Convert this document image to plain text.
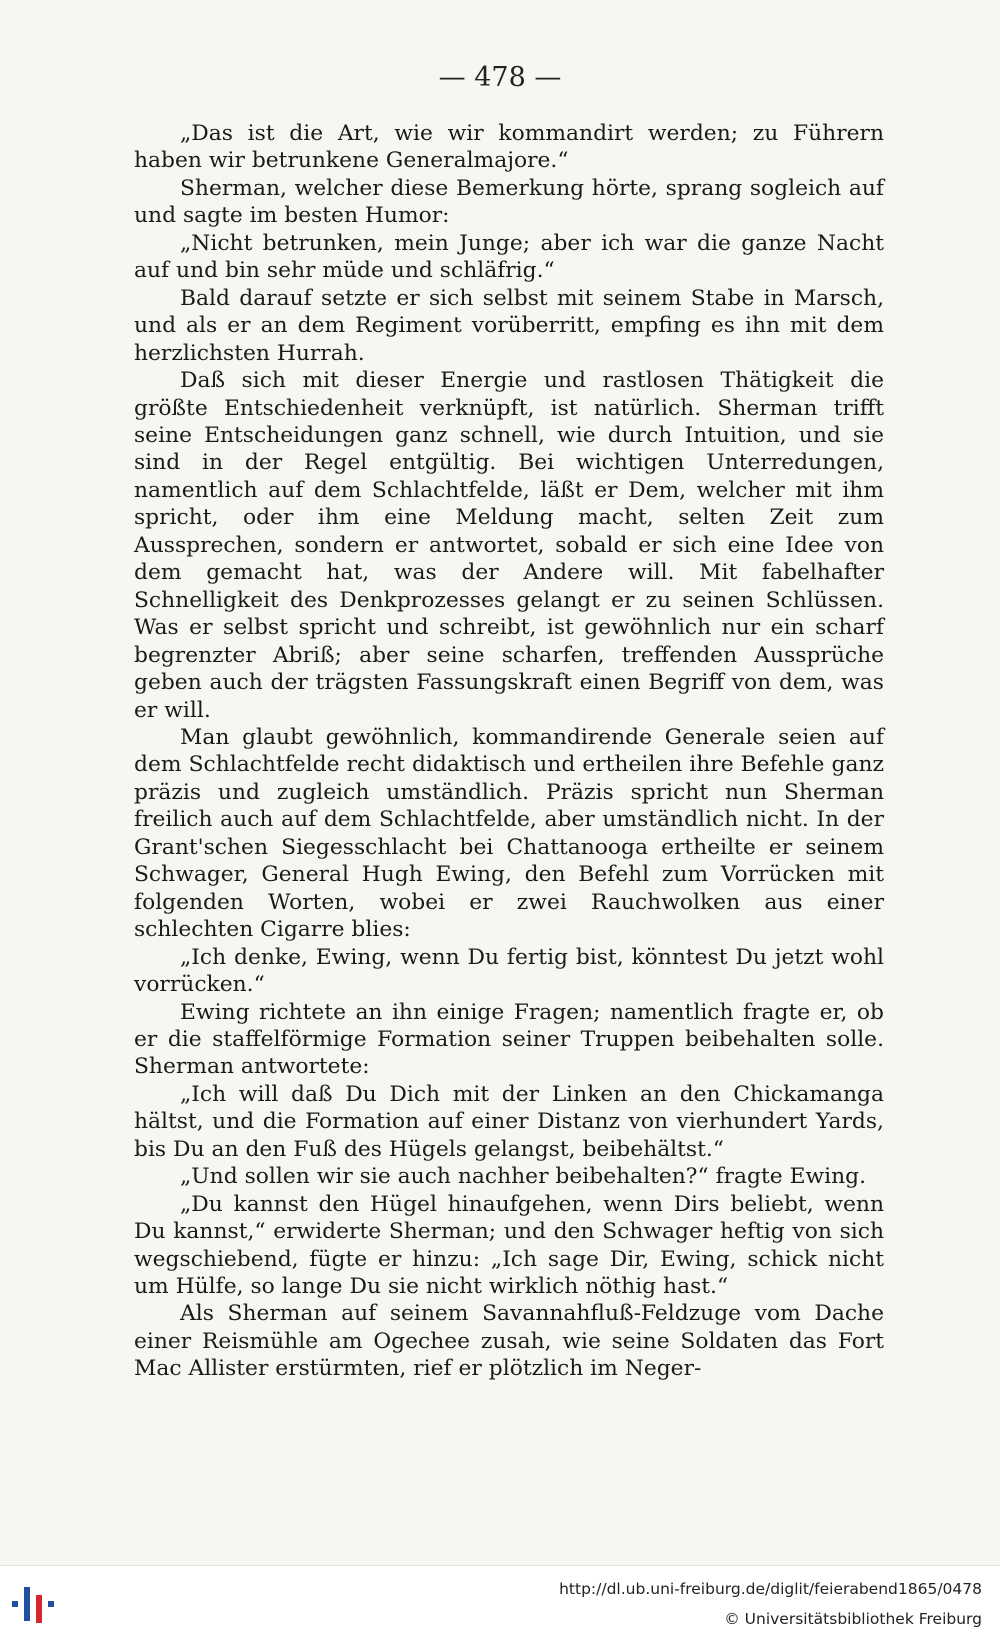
— 478 —

„Das ist die Art, wie wir kommandirt werden; zu Führern haben wir betrunkene Generalmajore.“

Sherman, welcher diese Bemerkung hörte, sprang sogleich auf und sagte im besten Humor:

„Nicht betrunken, mein Junge; aber ich war die ganze Nacht auf und bin sehr müde und schläfrig.“

Bald darauf setzte er sich selbst mit seinem Stabe in Marsch, und als er an dem Regiment vorüberritt, empfing es ihn mit dem herzlichsten Hurrah.

Daß sich mit dieser Energie und rastlosen Thätigkeit die größte Entschiedenheit verknüpft, ist natürlich. Sherman trifft seine Entscheidungen ganz schnell, wie durch Intuition, und sie sind in der Regel entgültig. Bei wichtigen Unterredungen, namentlich auf dem Schlachtfelde, läßt er Dem, welcher mit ihm spricht, oder ihm eine Meldung macht, selten Zeit zum Aussprechen, sondern er antwortet, sobald er sich eine Idee von dem gemacht hat, was der Andere will. Mit fabelhafter Schnelligkeit des Denkprozesses gelangt er zu seinen Schlüssen. Was er selbst spricht und schreibt, ist gewöhnlich nur ein scharf begrenzter Abriß; aber seine scharfen, treffenden Aussprüche geben auch der trägsten Fassungskraft einen Begriff von dem, was er will.

Man glaubt gewöhnlich, kommandirende Generale seien auf dem Schlachtfelde recht didaktisch und ertheilen ihre Befehle ganz präzis und zugleich umständlich. Präzis spricht nun Sherman freilich auch auf dem Schlachtfelde, aber umständlich nicht. In der Grant'schen Siegesschlacht bei Chattanooga ertheilte er seinem Schwager, General Hugh Ewing, den Befehl zum Vorrücken mit folgenden Worten, wobei er zwei Rauchwolken aus einer schlechten Cigarre blies:

„Ich denke, Ewing, wenn Du fertig bist, könntest Du jetzt wohl vorrücken.“

Ewing richtete an ihn einige Fragen; namentlich fragte er, ob er die staffelförmige Formation seiner Truppen beibehalten solle. Sherman antwortete:

„Ich will daß Du Dich mit der Linken an den Chickamanga hältst, und die Formation auf einer Distanz von vierhundert Yards, bis Du an den Fuß des Hügels gelangst, beibehältst.“

„Und sollen wir sie auch nachher beibehalten?“ fragte Ewing.

„Du kannst den Hügel hinaufgehen, wenn Dirs beliebt, wenn Du kannst,“ erwiderte Sherman; und den Schwager heftig von sich wegschiebend, fügte er hinzu: „Ich sage Dir, Ewing, schick nicht um Hülfe, so lange Du sie nicht wirklich nöthig hast.“

Als Sherman auf seinem Savannahfluß-Feldzuge vom Dache einer Reismühle am Ogechee zusah, wie seine Soldaten das Fort Mac Allister erstürmten, rief er plötzlich im Neger-

http://dl.ub.uni-freiburg.de/diglit/feierabend1865/0478
© Universitätsbibliothek Freiburg
